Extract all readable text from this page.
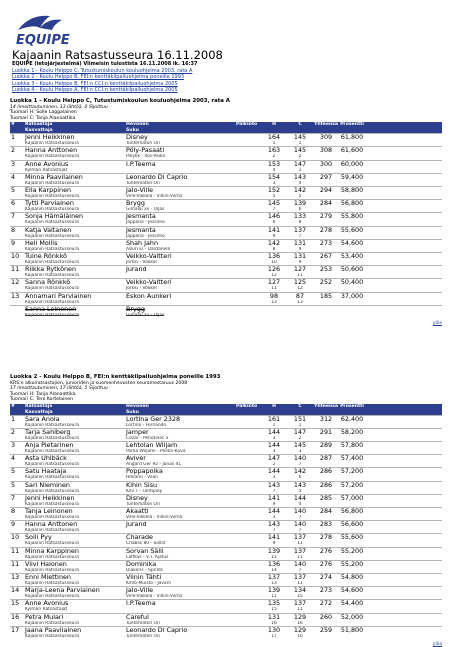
EQUIPE
Kajaanin Ratsastusseura 16.11.2008
EQUIPE (ietojärjestelmä) Viimeisin tulostista 16.11.2008 lk. 16:37
Luokka 1 - Koulu Helppo C, Tutustumiskoulun kouluohjelma 2003, rata A
Luokka 2 - Koulu Helppo B, FEI:n kenttäkilpailuohjelma poneille 1993
Luokka 3 - Koulu Helppo B, FEI:n CCI:n kenttäkilpailuohjelma 2005
Luokka 4 - Koulu Helppo A, FEI:n CCI:n kenttäkilpailuohjelma 2005
Luokka 1 - Koulu Helppo C, Tutustumiskoulun kouluohjelma 2003, rata A
14 ilmoittautuminen, 13 lähtöä, 0 Sijoittuu
Tuomari H: Solle Laggalainen
Tuomari C: Tanja Alanaattika
#	Ratsastaja	Hevonen	Palkinto	H	C	Yhteensä	Prosentti	
	Kasvattaja	Suku						
1	Jenni Heikkinen	Disney		164	145	309	61,800	
	Kajaanin Ratsastusseura	Tuntematon Ori		1	2			
2	Hanna Anttonen	Pöly-Pasaati		163	145	308	61,600	
	Kajaanin Ratsastusseura	Pölykk - Ilos-Paika		2	2			
3	Anne Avonius	I.P.Teema		153	147	300	60,000	
	Kylmän Ratsastajat			4	1			
4	Minna Paavilainen	Leonardo Di Caprio		154	143	297	59,400	
	Kajaanin Ratsastusseura	Tuntematon Ori		3	4			
5	Ella Karppinen	Jalo-Ville		152	142	294	58,800	
	Kajaanin Ratsastusseura	Ville-Vikkelä - Vilkin-Viima		5	5			
6	Tytti Parviainen	Brygg		145	139	284	56,800	
	Kajaanin Ratsastusseura	Gimalai xx - Uljas		7	6			
7	Sonja Hämäläinen	Jesmanta		146	133	279	55,800	
	Kajaanin Ratsastusseura	Jappana - Jessimo		6	8			
8	Katja Valtanen	Jesmanta		141	137	278	55,600	
	Kajaanin Ratsastusseura	Jappana - Jessimo		9	7			
9	Heli Mollis	Shah Jahn		142	131	273	54,600	
	Kajaanin Ratsastusseura	Askin El - Dardanelli		8	9			
10	Tuine Rönkkö	Veikko-Valtteri		136	131	267	53,400	
	Kajaanin Ratsastusseura	Jorkki - Vokker		10	9			
11	Riikka Rytkönen	Jurand		126	127	253	50,600	
	Kajaanin Ratsastusseura			12	11			
12	Sanna Rönkkö	Veikko-Valtteri		127	125	252	50,400	
	Kajaanin Ratsastusseura	Jorkki - Vokker		11	12			
13	Annamari Parviainen	Eskon Aunkeri		98	87	185	37,000	
	Kajaanin Ratsastusseura			13	13			
	Sanna Leinonen	Brygg						
	Kajaanin Ratsastusseura	Gimalai xx - Uljas						
ylös
Luokka 2 - Koulu Helppo B, FEI:n kenttäkilpailuohjelma poneille 1993
KRS:n alkuiratsastajien, junioriden ja suomenhevosten seuramestaruus 2008
17 ilmoittautuminen, 17 lähtöä, 5 Sijoittuu
Tuomari H: Tanja Alanaattika
Tuomari C: Tero Kortelainen
#	Ratsastaja	Hevonen	Palkinto	H	C	Yhteensä	Prosentti	
	Kasvattaja	Suku						
1	Sara Anola	Lortina Ger 2328		161	151	312	62,400	
	Kajaanin Ratsastusseura	Lortino - Fernando		1	1			
2	Tarja Sahlberg	Jamper		144	147	291	58,200	
	Kajaanin Ratsastusseura	Cezar - Pehotinec x		3	2			
3	Anja Pietarinen	Lehtolan Wiljam		144	145	289	57,800	
	Kajaanin Ratsastusseura	Porka Wiljami - Pestin-Kuva		3	3			
4	Asta Uhlbäck	Aviver		147	140	287	57,400	
	Kajaanin Ratsastusseura	Angard Ger 92 - Jonas 41		2	7			
5	Satu Haataja	Poppapoika		144	142	286	57,200	
	Kajaanin Ratsastusseura	Hekarei - Vilari		3	6			
5	Sari Nieminen	Kihin Sisu		143	143	286	57,200	
	Kajaanin Ratsastusseura	Kihi T - Tahtipoly		7	5			
7	Jenni Heikkinen	Disney		141	144	285	57,000	
	Kajaanin Ratsastusseura	Tuntematon Ori		9	4			
8	Tanja Leinonen	Akaatti		144	140	284	56,800	
	Kajaanin Ratsastusseura	Ville-Vikkelä - Vilkin-Viima		3	7			
9	Hanna Anttonen	Jurand		143	140	283	56,600	
	Kajaanin Ratsastusseura			7	7			
10	Soili Pyy	Charade		141	137	278	55,600	
	Kajaanin Ratsastusseura	Chablis 80 - Sollst		9	11			
11	Minna Karppinen	Sorvan Sälli		139	137	276	55,200	
	Kajaanin Ratsastusseura	Laffkas - V.T. Ajatus		11	11			
11	Viivi Halonen	Dominika		136	140	276	55,200	
	Kajaanin Ratsastusseura	Diakoris - Sprilds		14	7			
13	Enni Miettinen	Viinin Tähti		137	137	274	54,800	
	Kajaanin Ratsastusseura	Kihlo-Muisto - Javärli		13	11			
14	Marja-Leena Parviainen	Jalo-Ville		139	134	273	54,600	
	Kajaanin Ratsastusseura	Ville-Vikkelä - Vilkin-Viima		11	15			
15	Anne Avonius	I.P.Teema		135	137	272	54,400	
	Kylmän Ratsastajat			15	11			
16	Petra Mulari	Careful		131	129	260	52,000	
	Kajaanin Ratsastusseura	Tuntematon Ori		16	16			
17	Jaana Paavilainen	Leonardo Di Caprio		130	129	259	51,800	
	Kajaanin Ratsastusseura	Tuntematon Ori		17	16			
ylös
